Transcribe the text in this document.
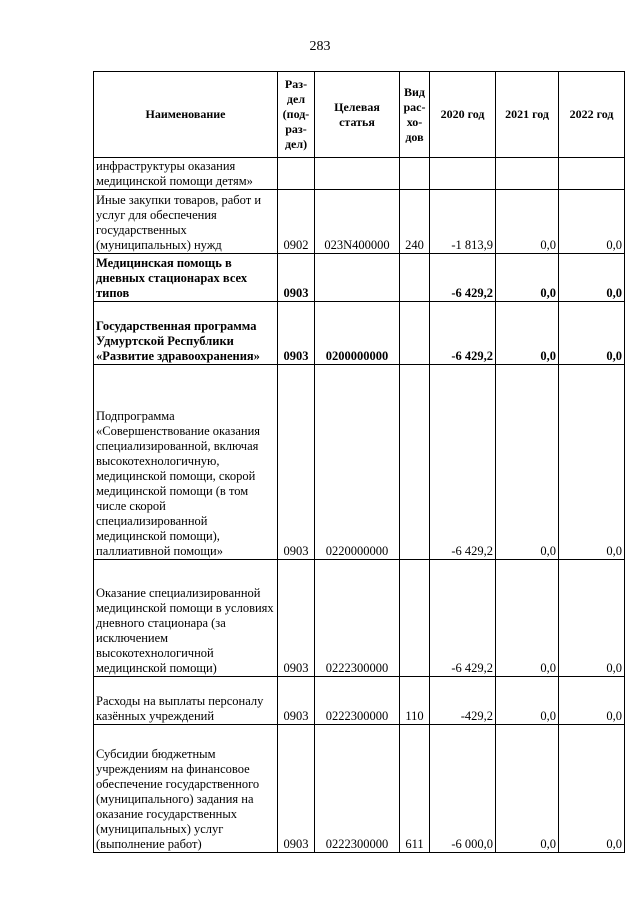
283
Наименование	Раз-дел (под-раз-дел)	Целевая статья	Вид рас-хо-дов	2020 год	2021 год	2022 год
инфраструктуры оказания медицинской помощи детям»						
Иные закупки товаров, работ и услуг для обеспечения государственных (муниципальных) нужд	0902	023N400000	240	-1 813,9	0,0	0,0
Медицинская помощь в дневных стационарах всех типов	0903			-6 429,2	0,0	0,0
Государственная программа Удмуртской Республики «Развитие здравоохранения»	0903	0200000000		-6 429,2	0,0	0,0
Подпрограмма «Совершенствование оказания специализированной, включая высокотехнологичную, медицинской помощи, скорой медицинской помощи (в том числе скорой специализированной медицинской помощи), паллиативной помощи»	0903	0220000000		-6 429,2	0,0	0,0
Оказание специализированной медицинской помощи в условиях дневного стационара (за исключением высокотехнологичной медицинской помощи)	0903	0222300000		-6 429,2	0,0	0,0
Расходы на выплаты персоналу казённых учреждений	0903	0222300000	110	-429,2	0,0	0,0
Субсидии бюджетным учреждениям на финансовое обеспечение государственного (муниципального) задания на оказание государственных (муниципальных) услуг (выполнение работ)	0903	0222300000	611	-6 000,0	0,0	0,0
